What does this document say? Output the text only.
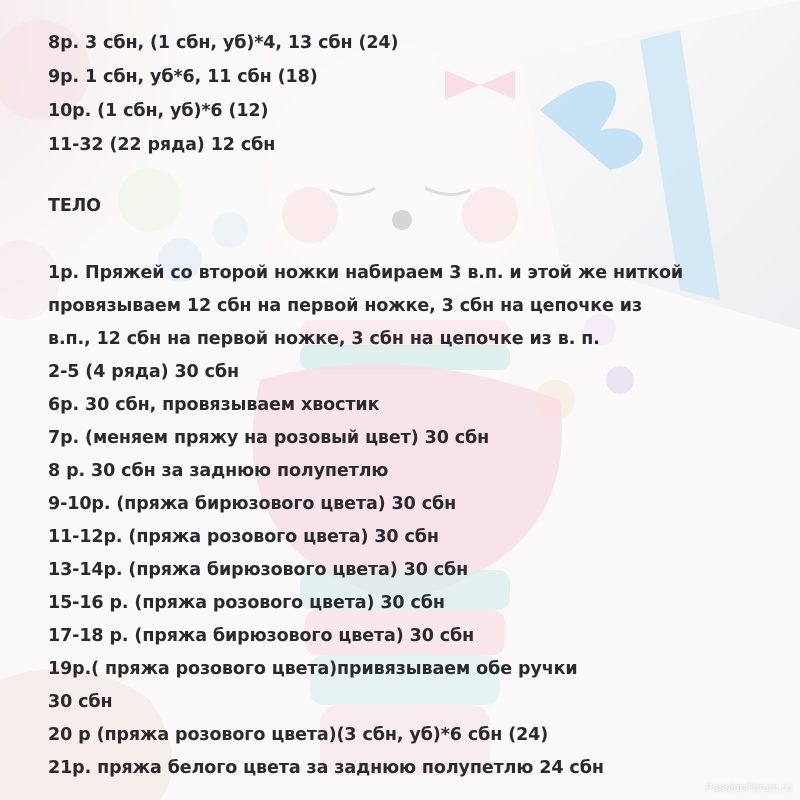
8р. 3 сбн, (1 сбн, уб)*4, 13 сбн (24)
9р. 1 сбн, уб*6, 11 сбн (18)
10р. (1 сбн, уб)*6 (12)
11-32 (22 ряда) 12 сбн
ТЕЛО
1р. Пряжей со второй ножки набираем 3 в.п. и этой же ниткой
провязываем 12 сбн на первой ножке, 3 сбн на цепочке из
в.п., 12 сбн на первой ножке, 3 сбн на цепочке из в. п.
2-5 (4 ряда) 30 сбн
6р. 30 сбн, провязываем хвостик
7р. (меняем пряжу на розовый цвет) 30 сбн
8 р. 30 сбн за заднюю полупетлю
9-10р. (пряжа бирюзового цвета) 30 сбн
11-12р. (пряжа розового цвета) 30 сбн
13-14р. (пряжа бирюзового цвета) 30 сбн
15-16 р. (пряжа розового цвета) 30 сбн
17-18 р. (пряжа бирюзового цвета) 30 сбн
19р.( пряжа розового цвета)привязываем обе ручки
30 сбн
20 р (пряжа розового цвета)(3 сбн, уб)*6 сбн (24)
21р. пряжа белого цвета за заднюю полупетлю 24 сбн
PassionForum.ru
